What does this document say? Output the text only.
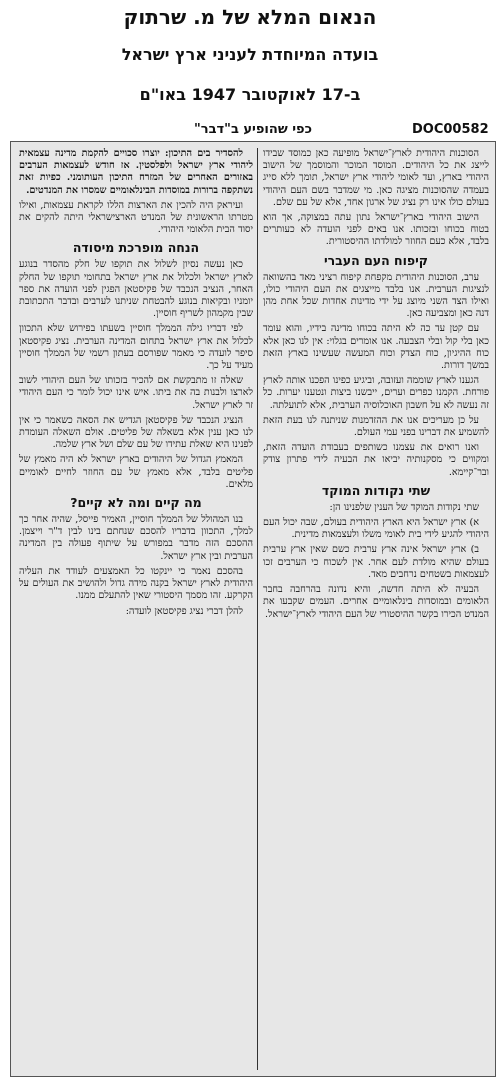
הנאום המלא של מ. שרתוק
בועדה המיוחדת לעניני ארץ ישראל
ב-17 לאוקטובר 1947 באו"ם
כפי שהופיע ב"דבר"	DOC00582

הסוכנות היהודית לארץ־ישראל מופיעה כאן כמוסד שבידו לייצג את כל היהודים. המוסד המוכר והמוסמך של הישוב היהודי בארץ, ועד לאומי ליהודי ארץ ישראל, תומך ללא סייג בעמדה שהסוכנות מציגה כאן. מי שמדבר בשם העם היהודי בעולם כולו אינו רק נציג של ארגון אחד, אלא של עם שלם.

הישוב היהודי בארץ־ישראל נתון עתה במצוקה, אך הוא בטוח בכוחו ובזכותו. אנו באים לפני הועדה לא כעותרים בלבד, אלא כעם החוזר למולדתו ההיסטורית.

קיפוח העם העברי

ערב, הסוכנות היהודית מקפחת קיפוח רציני מאד בהשוואה לנציגות הערבית. אנו בלבד מייצגים את העם היהודי כולו, ואילו הצד השני מיוצג על ידי מדינות אחדות שכל אחת מהן דנה כאן ומצביעה כאן.

עם קטן עד כה לא היתה בכוחו מדינה בידיו, והוא עומד כאן בלי קול ובלי הצבעה. אנו אומרים בגלוי: אין לנו כאן אלא כוח ההיגיון, כוח הצדק וכוח המעשה שעשינו בארץ הזאת במשך דורות.

הגענו לארץ שוממה ועזובה, וביגיע כפינו הפכנו אותה לארץ פורחת. הקמנו כפרים וערים, ייבשנו ביצות ונטענו יערות. כל זה נעשה לא על חשבון האוכלוסיה הערבית, אלא לתועלתה.

על כן מעריכים אנו את ההזדמנות שניתנה לנו בעת הזאת להשמיע את דברינו בפני עמי העולם.

ואנו רואים את עצמנו כשותפים בעבודת הועדה הזאת, ומקווים כי מסקנותיה יביאו את הבעיה לידי פתרון צודק ובר־קיימא.

שתי נקודות המוקד

שתי נקודות המוקד של הענין שלפנינו הן:

א) ארץ ישראל היא הארץ היהודית בעולם, שבה יכול העם היהודי להגיע לידי בית לאומי משלו ולעצמאות מדינית.

ב) ארץ ישראל אינה ארץ ערבית כשם שאין ארץ ערבית בעולם שהיא מולדת לעם אחר. אין לשכוח כי הערבים זכו לעצמאות בשטחים נרחבים מאד.

הבעיה לא היתה חדשה, והיא נדונה בהרחבה בחבר הלאומים ובמוסדות בינלאומיים אחרים. העמים שקבעו את המנדט הכירו בקשר ההיסטורי של העם היהודי לארץ־ישראל.

להסדיר בים התיכון: יוצרו סכויים להקמת מדינה עצמאית ליהודי ארץ ישראל ולפלסטין. אז חודש לעצמאות הערבים באזורים האחרים של המזרח התיכון העותומני. כפיות זאת נשתקפה ברורות במוסדות הבינלאומיים שמסרו את המנדטים.

ועיראק היה להכין את הארצות הללו לקראת עצמאות, ואילו מטרתו הראשונית של המנדט הארצישראלי היתה להקים את יסוד הבית הלאומי היהודי.

הנחה מופרכת מיסודה

כאן נעשה נסיון לשלול את תוקפו של חלק מהסדר בנוגע לארץ ישראל ולכלול את ארץ ישראל בתחומי תוקפו של החלק האחר, הנציב הנכבד של פקיסטאן הפגין לפני הועדה את ספר יומניו ובקיאות בנוגע להבטחת שניתנו לערבים ובדבר התכתובת שבין מקמהון לשריף חוסיין.

לפי דבריו גילה הממלך חוסיין בשעתו בפירוש שלא התכוון לכלול את ארץ ישראל בתחום המדינה הערבית. נציג פקיסטאן סיפר לועדה כי מאמר שפורסם בעתון רשמי של הממלך חוסיין מעיד על כך.

שאלה זו מתבקשת אם להכיר בזכותו של העם היהודי לשוב לארצו ולבנות בה את ביתו. איש אינו יכול לומר כי העם היהודי זר לארץ ישראל.

הנציג הנכבד של פקיסטאן הגדיש את הסאה כשאמר כי אין לנו כאן ענין אלא בשאלה של פליטים. אולם השאלה העומדת לפנינו היא שאלת עתידו של עם שלם ושל ארץ שלמה.

המאמץ הגדול של היהודים בארץ ישראל לא היה מאמץ של פליטים בלבד, אלא מאמץ של עם החוזר לחיים לאומיים מלאים.

מה קיים ומה לא קיים?

בנו המהולל של הממלך חוסיין, האמיר פייסל, שהיה אחר כך למלך, התכוון בדבריו להסכם שנחתם בינו לבין ד"ר וייצמן. ההסכם הזה מדבר במפורש על שיתוף פעולה בין המדינה הערבית ובין ארץ ישראל.

בהסכם נאמר כי יינקטו כל האמצעים לעודד את העליה היהודית לארץ ישראל בקנה מידה גדול ולהושיב את העולים על הקרקע. זהו מסמך היסטורי שאין להתעלם ממנו.

להלן דברי נציג פקיסטאן לועדה:
